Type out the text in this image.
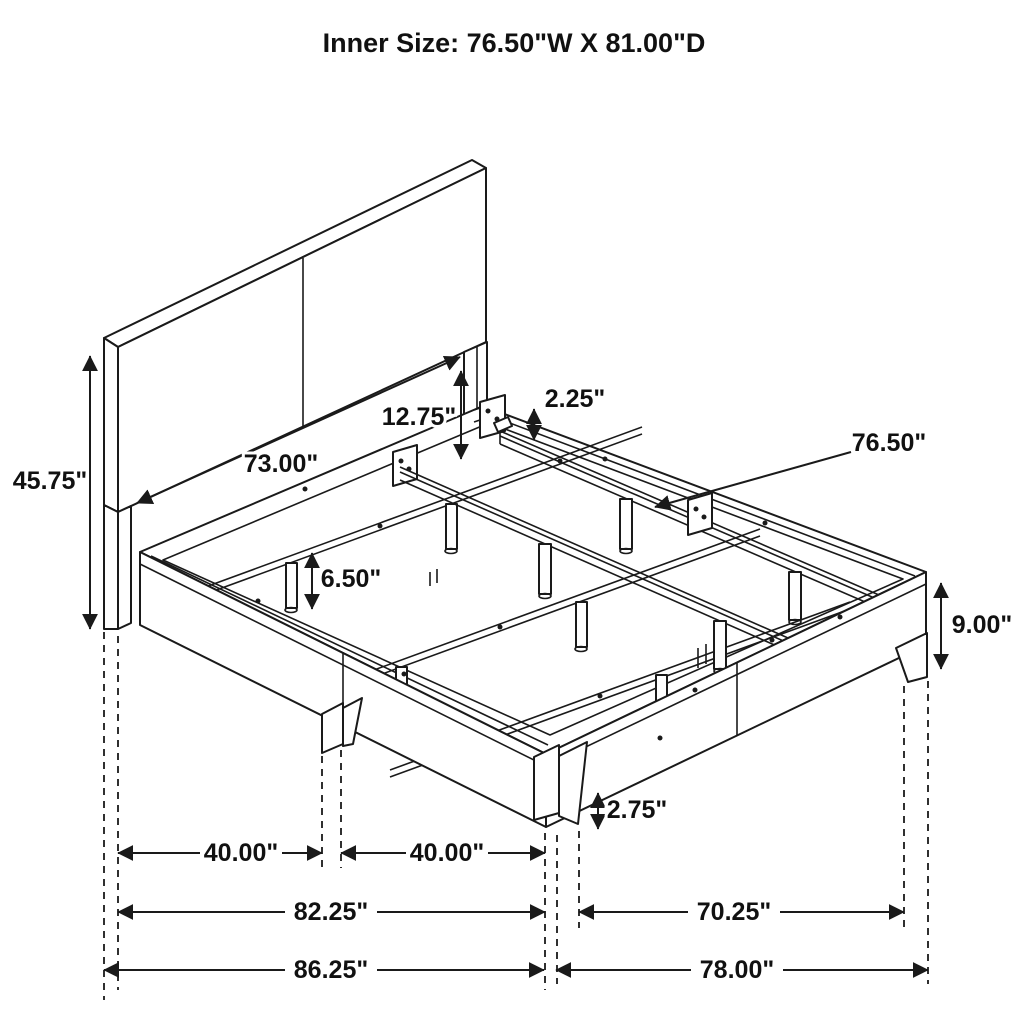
Inner Size: 76.50"W X 81.00"D
45.75"
73.00"
12.75"
2.25"
76.50"
6.50"
9.00"
2.75"
40.00"	40.00"
82.25"	70.25"
86.25"	78.00"
